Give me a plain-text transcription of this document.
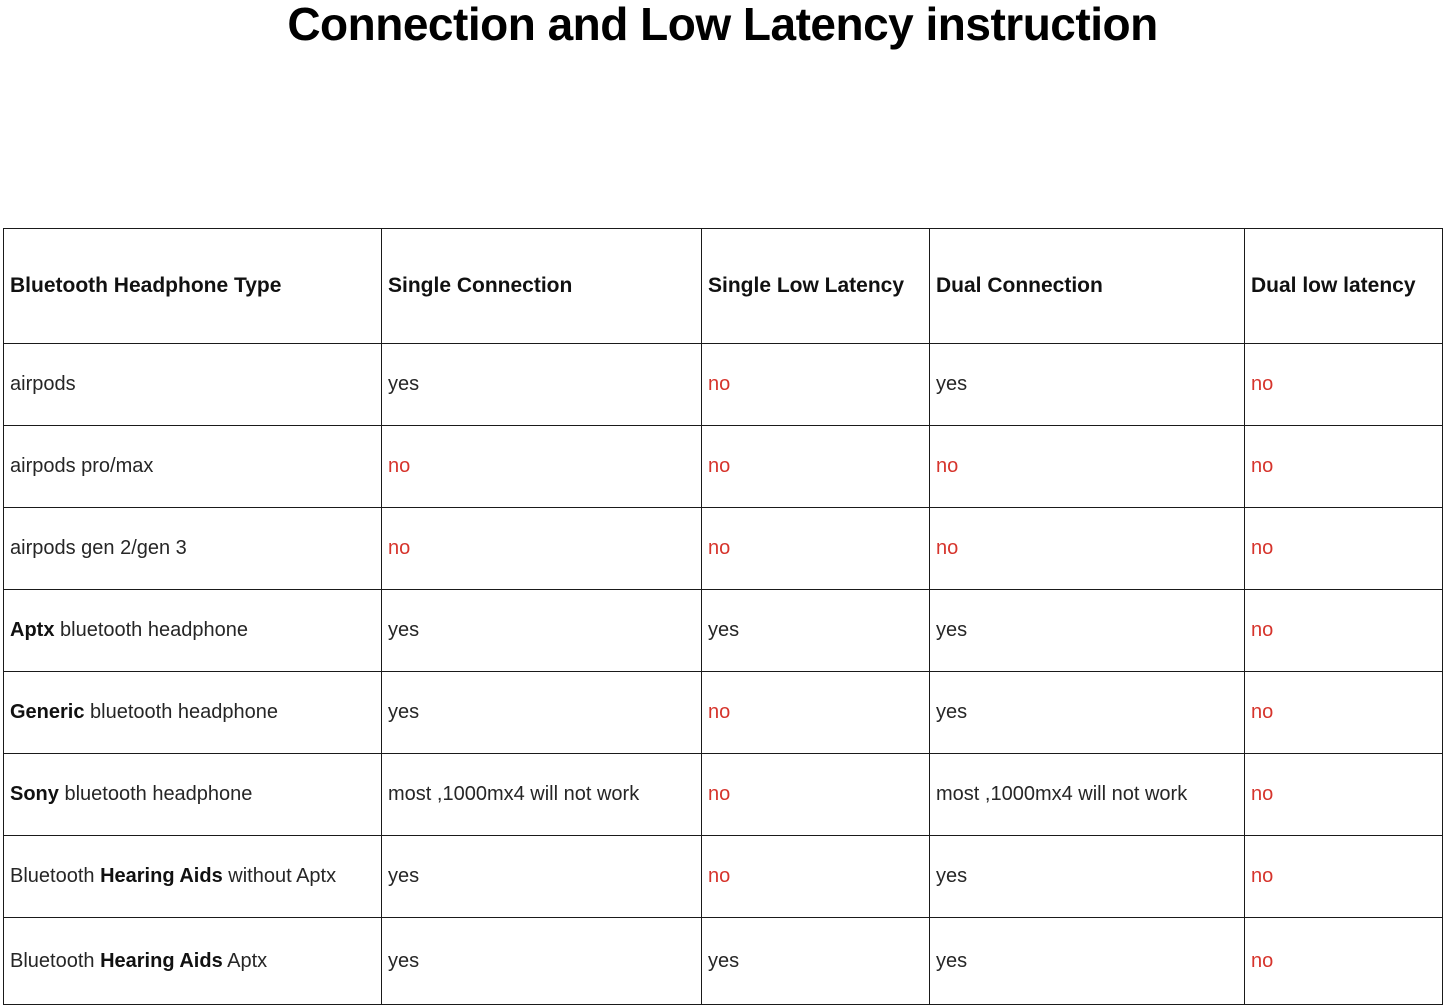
Connection and Low Latency instruction
Bluetooth Headphone Type	Single Connection	Single Low Latency	Dual Connection	Dual low latency
airpods	yes	no	yes	no
airpods pro/max	no	no	no	no
airpods gen 2/gen 3	no	no	no	no
Aptx bluetooth headphone	yes	yes	yes	no
Generic bluetooth headphone	yes	no	yes	no
Sony bluetooth headphone	most ,1000mx4 will not work	no	most ,1000mx4 will not work	no
Bluetooth Hearing Aids without Aptx	yes	no	yes	no
Bluetooth Hearing Aids Aptx	yes	yes	yes	no
